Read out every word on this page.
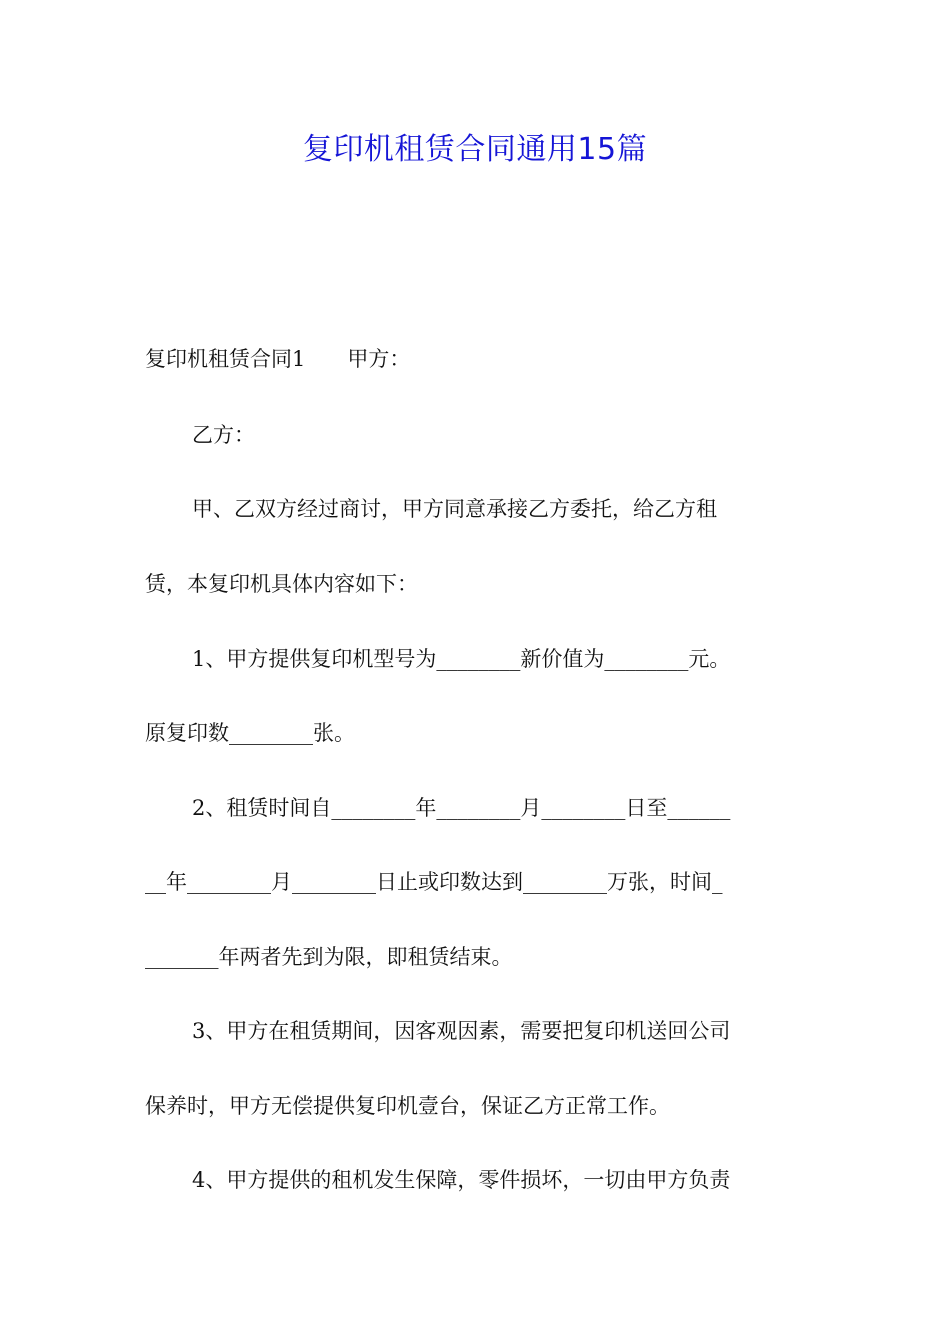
复印机租赁合同通用15篇
复印机租赁合同1　　甲方：
乙方：
甲、乙双方经过商讨，甲方同意承接乙方委托，给乙方租
赁，本复印机具体内容如下：
1、甲方提供复印机型号为________新价值为________元。
原复印数________张。
2、租赁时间自________年________月________日至______
__年________月________日止或印数达到________万张，时间_
_______年两者先到为限，即租赁结束。
3、甲方在租赁期间，因客观因素，需要把复印机送回公司
保养时，甲方无偿提供复印机壹台，保证乙方正常工作。
4、甲方提供的租机发生保障，零件损坏，一切由甲方负责
